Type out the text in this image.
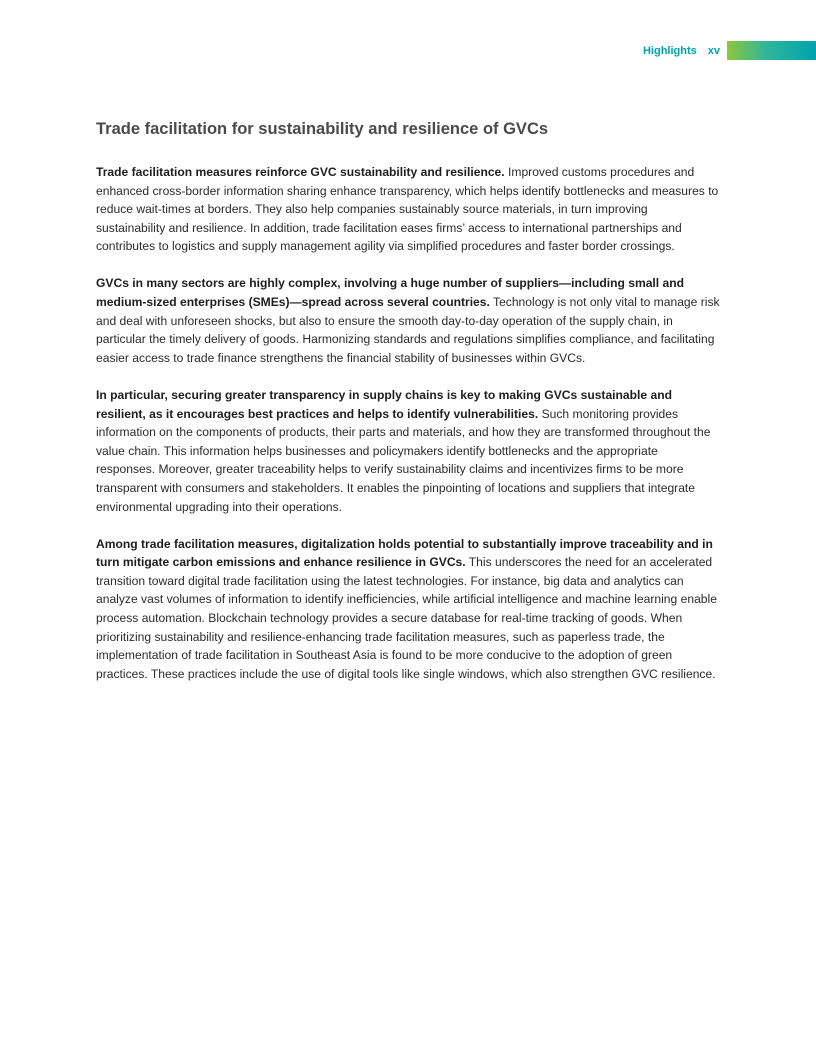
Highlights xv
Trade facilitation for sustainability and resilience of GVCs

Trade facilitation measures reinforce GVC sustainability and resilience. Improved customs procedures and enhanced cross-border information sharing enhance transparency, which helps identify bottlenecks and measures to reduce wait-times at borders. They also help companies sustainably source materials, in turn improving sustainability and resilience. In addition, trade facilitation eases firms’ access to international partnerships and contributes to logistics and supply management agility via simplified procedures and faster border crossings.

GVCs in many sectors are highly complex, involving a huge number of suppliers—including small and medium-sized enterprises (SMEs)—spread across several countries. Technology is not only vital to manage risk and deal with unforeseen shocks, but also to ensure the smooth day-to-day operation of the supply chain, in particular the timely delivery of goods. Harmonizing standards and regulations simplifies compliance, and facilitating easier access to trade finance strengthens the financial stability of businesses within GVCs.

In particular, securing greater transparency in supply chains is key to making GVCs sustainable and resilient, as it encourages best practices and helps to identify vulnerabilities. Such monitoring provides information on the components of products, their parts and materials, and how they are transformed throughout the value chain. This information helps businesses and policymakers identify bottlenecks and the appropriate responses. Moreover, greater traceability helps to verify sustainability claims and incentivizes firms to be more transparent with consumers and stakeholders. It enables the pinpointing of locations and suppliers that integrate environmental upgrading into their operations.

Among trade facilitation measures, digitalization holds potential to substantially improve traceability and in turn mitigate carbon emissions and enhance resilience in GVCs. This underscores the need for an accelerated transition toward digital trade facilitation using the latest technologies. For instance, big data and analytics can analyze vast volumes of information to identify inefficiencies, while artificial intelligence and machine learning enable process automation. Blockchain technology provides a secure database for real-time tracking of goods. When prioritizing sustainability and resilience-enhancing trade facilitation measures, such as paperless trade, the implementation of trade facilitation in Southeast Asia is found to be more conducive to the adoption of green practices. These practices include the use of digital tools like single windows, which also strengthen GVC resilience.
